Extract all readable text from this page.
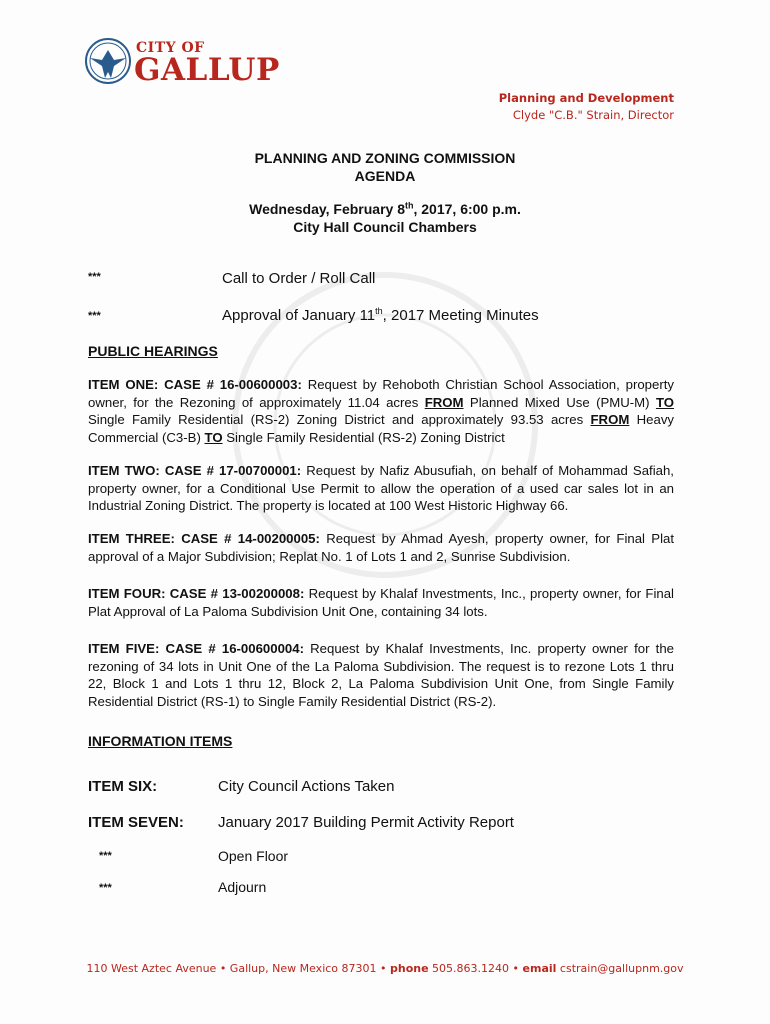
CITY OF
GALLUP
Planning and Development
Clyde "C.B." Strain, Director
PLANNING AND ZONING COMMISSION
AGENDA
Wednesday, February 8th, 2017, 6:00 p.m.
City Hall Council Chambers
***	Call to Order / Roll Call
***	Approval of January 11th, 2017 Meeting Minutes
PUBLIC HEARINGS
ITEM ONE: CASE # 16-00600003: Request by Rehoboth Christian School Association, property owner, for the Rezoning of approximately 11.04 acres FROM Planned Mixed Use (PMU-M) TO Single Family Residential (RS-2) Zoning District and approximately 93.53 acres FROM Heavy Commercial (C3-B) TO Single Family Residential (RS-2) Zoning District
ITEM TWO: CASE # 17-00700001: Request by Nafiz Abusufiah, on behalf of Mohammad Safiah, property owner, for a Conditional Use Permit to allow the operation of a used car sales lot in an Industrial Zoning District. The property is located at 100 West Historic Highway 66.
ITEM THREE: CASE # 14-00200005: Request by Ahmad Ayesh, property owner, for Final Plat approval of a Major Subdivision; Replat No. 1 of Lots 1 and 2, Sunrise Subdivision.
ITEM FOUR: CASE # 13-00200008: Request by Khalaf Investments, Inc., property owner, for Final Plat Approval of La Paloma Subdivision Unit One, containing 34 lots.
ITEM FIVE: CASE # 16-00600004: Request by Khalaf Investments, Inc. property owner for the rezoning of 34 lots in Unit One of the La Paloma Subdivision. The request is to rezone Lots 1 thru 22, Block 1 and Lots 1 thru 12, Block 2, La Paloma Subdivision Unit One, from Single Family Residential District (RS-1) to Single Family Residential District (RS-2).
INFORMATION ITEMS
ITEM SIX:	City Council Actions Taken
ITEM SEVEN: January 2017 Building Permit Activity Report
***	Open Floor
***	Adjourn
110 West Aztec Avenue • Gallup, New Mexico 87301 • phone 505.863.1240 • email cstrain@gallupnm.gov
